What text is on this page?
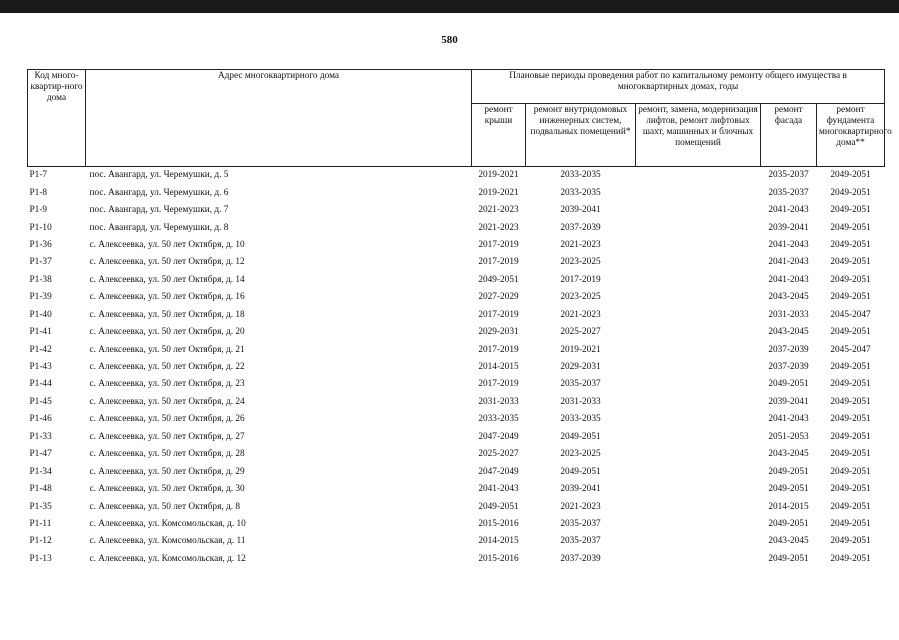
580
Код много-квартир-ного дома	Адрес многоквартирного дома	Плановые периоды проведения работ по капитальному ремонту общего имущества в многоквартирных домах, годы				
		ремонт крыши	ремонт внутридомовых инженерных систем, подвальных помещений*	ремонт, замена, модернизация лифтов, ремонт лифтовых шахт, машинных и блочных помещений	ремонт фасада	ремонт фундамента многоквартирного дома**
P1-7	пос. Авангард, ул. Черемушки, д. 5	2019-2021	2033-2035		2035-2037	2049-2051
P1-8	пос. Авангард, ул. Черемушки, д. 6	2019-2021	2033-2035		2035-2037	2049-2051
P1-9	пос. Авангард, ул. Черемушки, д. 7	2021-2023	2039-2041		2041-2043	2049-2051
P1-10	пос. Авангард, ул. Черемушки, д. 8	2021-2023	2037-2039		2039-2041	2049-2051
P1-36	с. Алексеевка, ул. 50 лет Октября, д. 10	2017-2019	2021-2023		2041-2043	2049-2051
P1-37	с. Алексеевка, ул. 50 лет Октября, д. 12	2017-2019	2023-2025		2041-2043	2049-2051
P1-38	с. Алексеевка, ул. 50 лет Октября, д. 14	2049-2051	2017-2019		2041-2043	2049-2051
P1-39	с. Алексеевка, ул. 50 лет Октября, д. 16	2027-2029	2023-2025		2043-2045	2049-2051
P1-40	с. Алексеевка, ул. 50 лет Октября, д. 18	2017-2019	2021-2023		2031-2033	2045-2047
P1-41	с. Алексеевка, ул. 50 лет Октября, д. 20	2029-2031	2025-2027		2043-2045	2049-2051
P1-42	с. Алексеевка, ул. 50 лет Октября, д. 21	2017-2019	2019-2021		2037-2039	2045-2047
P1-43	с. Алексеевка, ул. 50 лет Октября, д. 22	2014-2015	2029-2031		2037-2039	2049-2051
P1-44	с. Алексеевка, ул. 50 лет Октября, д. 23	2017-2019	2035-2037		2049-2051	2049-2051
P1-45	с. Алексеевка, ул. 50 лет Октября, д. 24	2031-2033	2031-2033		2039-2041	2049-2051
P1-46	с. Алексеевка, ул. 50 лет Октября, д. 26	2033-2035	2033-2035		2041-2043	2049-2051
P1-33	с. Алексеевка, ул. 50 лет Октября, д. 27	2047-2049	2049-2051		2051-2053	2049-2051
P1-47	с. Алексеевка, ул. 50 лет Октября, д. 28	2025-2027	2023-2025		2043-2045	2049-2051
P1-34	с. Алексеевка, ул. 50 лет Октября, д. 29	2047-2049	2049-2051		2049-2051	2049-2051
P1-48	с. Алексеевка, ул. 50 лет Октября, д. 30	2041-2043	2039-2041		2049-2051	2049-2051
P1-35	с. Алексеевка, ул. 50 лет Октября, д. 8	2049-2051	2021-2023		2014-2015	2049-2051
P1-11	с. Алексеевка, ул. Комсомольская, д. 10	2015-2016	2035-2037		2049-2051	2049-2051
P1-12	с. Алексеевка, ул. Комсомольская, д. 11	2014-2015	2035-2037		2043-2045	2049-2051
P1-13	с. Алексеевка, ул. Комсомольская, д. 12	2015-2016	2037-2039		2049-2051	2049-2051
